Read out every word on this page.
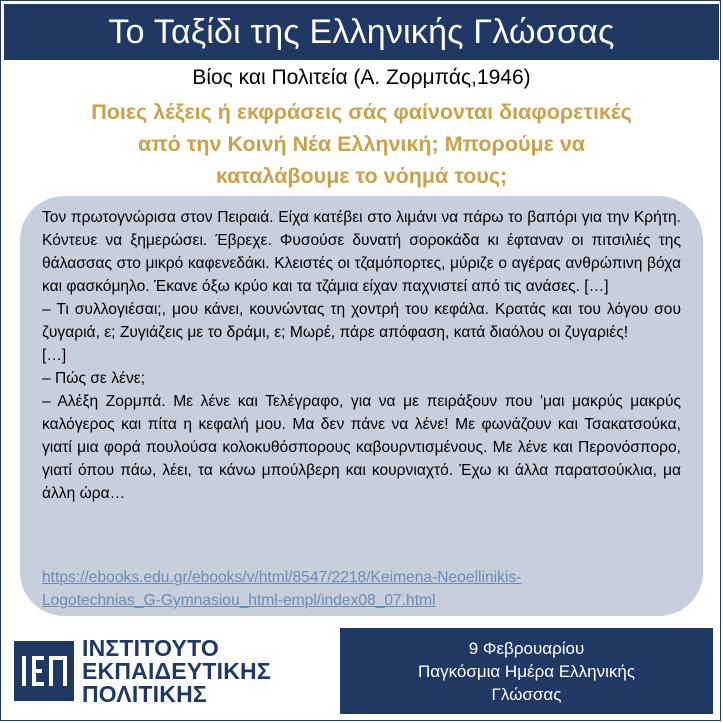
Το Ταξίδι της Ελληνικής Γλώσσας
Βίος και Πολιτεία (Α. Ζορμπάς,1946)
Ποιες λέξεις ή εκφράσεις σάς φαίνονται διαφορετικές
από την Κοινή Νέα Ελληνική; Μπορούμε να
καταλάβουμε το νόημά τους;

Τον πρωτογνώρισα στον Πειραιά. Είχα κατέβει στο λιμάνι να πάρω το βαπόρι για την Κρήτη. Κόντευε να ξημερώσει. Έβρεχε. Φυσούσε δυνατή σοροκάδα κι έφταναν οι πιτσιλιές της θάλασσας στο μικρό καφενεδάκι. Κλειστές οι τζαμόπορτες, μύριζε ο αγέρας ανθρώπινη βόχα και φασκόμηλο. Έκανε όξω κρύο και τα τζάμια είχαν παχνιστεί από τις ανάσες. […]

– Τι συλλογιέσαι;, μου κάνει, κουνώντας τη χοντρή του κεφάλα. Κρατάς και του λόγου σου ζυγαριά, ε; Ζυγιάζεις με το δράμι, ε; Μωρέ, πάρε απόφαση, κατά διαόλου οι ζυγαριές!

[…]

– Πώς σε λένε;

– Αλέξη Ζορμπά. Με λένε και Τελέγραφο, για να με πειράξουν που 'μαι μακρύς μακρύς καλόγερος και πίτα η κεφαλή μου. Μα δεν πάνε να λένε! Με φωνάζουν και Τσακατσούκα, γιατί μια φορά πουλούσα κολοκυθόσπορους καβουρντισμένους. Με λένε και Περονόσπορο, γιατί όπου πάω, λέει, τα κάνω μπούλβερη και κουρνιαχτό. Έχω κι άλλα παρατσούκλια, μα άλλη ώρα…

https://ebooks.edu.gr/ebooks/v/html/8547/2218/Keimena-Neoellinikis-
Logotechnias_G-Gymnasiou_html-empl/index08_07.html
ΙΝΣΤΙΤΟΥΤΟ
ΕΚΠΑΙΔΕΥΤΙΚΗΣ
ΠΟΛΙΤΙΚΗΣ
9 Φεβρουαρίου
Παγκόσμια Ημέρα Ελληνικής
Γλώσσας
